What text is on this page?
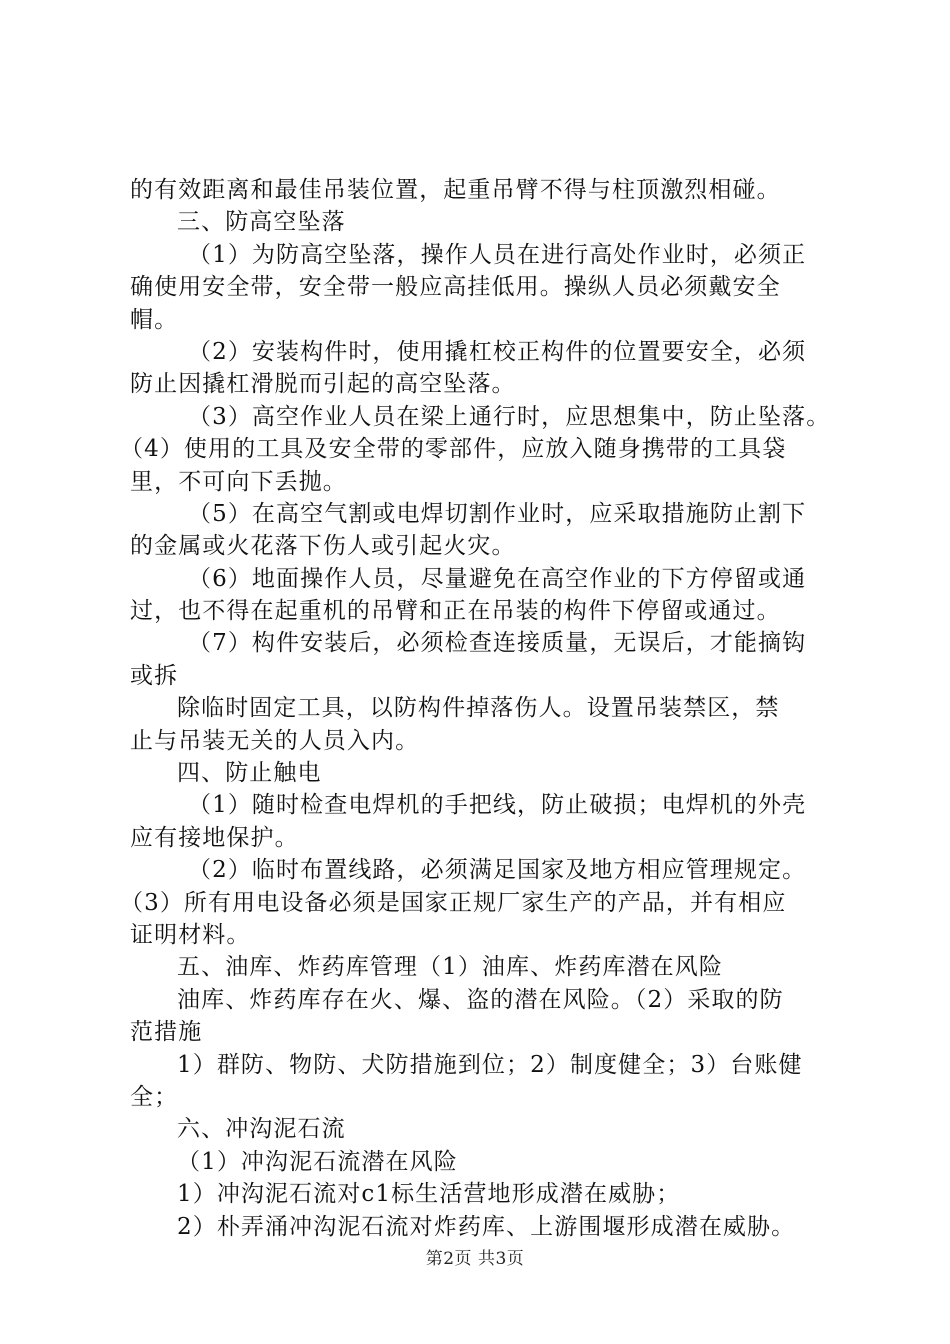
的有效距离和最佳吊装位置，起重吊臂不得与柱顶激烈相碰。
三、防高空坠落
（1）为防高空坠落，操作人员在进行高处作业时，必须正
确使用安全带，安全带一般应高挂低用。操纵人员必须戴安全
帽。
（2）安装构件时，使用撬杠校正构件的位置要安全，必须
防止因撬杠滑脱而引起的高空坠落。
（3）高空作业人员在梁上通行时，应思想集中，防止坠落。
（4）使用的工具及安全带的零部件，应放入随身携带的工具袋
里，不可向下丢抛。
（5）在高空气割或电焊切割作业时，应采取措施防止割下
的金属或火花落下伤人或引起火灾。
（6）地面操作人员，尽量避免在高空作业的下方停留或通
过，也不得在起重机的吊臂和正在吊装的构件下停留或通过。
（7）构件安装后，必须检查连接质量，无误后，才能摘钩
或拆
除临时固定工具，以防构件掉落伤人。设置吊装禁区，禁
止与吊装无关的人员入内。
四、防止触电
（1）随时检查电焊机的手把线，防止破损；电焊机的外壳
应有接地保护。
（2）临时布置线路，必须满足国家及地方相应管理规定。
（3）所有用电设备必须是国家正规厂家生产的产品，并有相应
证明材料。
五、油库、炸药库管理（1）油库、炸药库潜在风险
油库、炸药库存在火、爆、盗的潜在风险。（2）采取的防
范措施
1）群防、物防、犬防措施到位；2）制度健全；3）台账健
全；
六、冲沟泥石流
（1）冲沟泥石流潜在风险
1）冲沟泥石流对c1标生活营地形成潜在威胁；
2）朴弄涌冲沟泥石流对炸药库、上游围堰形成潜在威胁。
第2页 共3页
